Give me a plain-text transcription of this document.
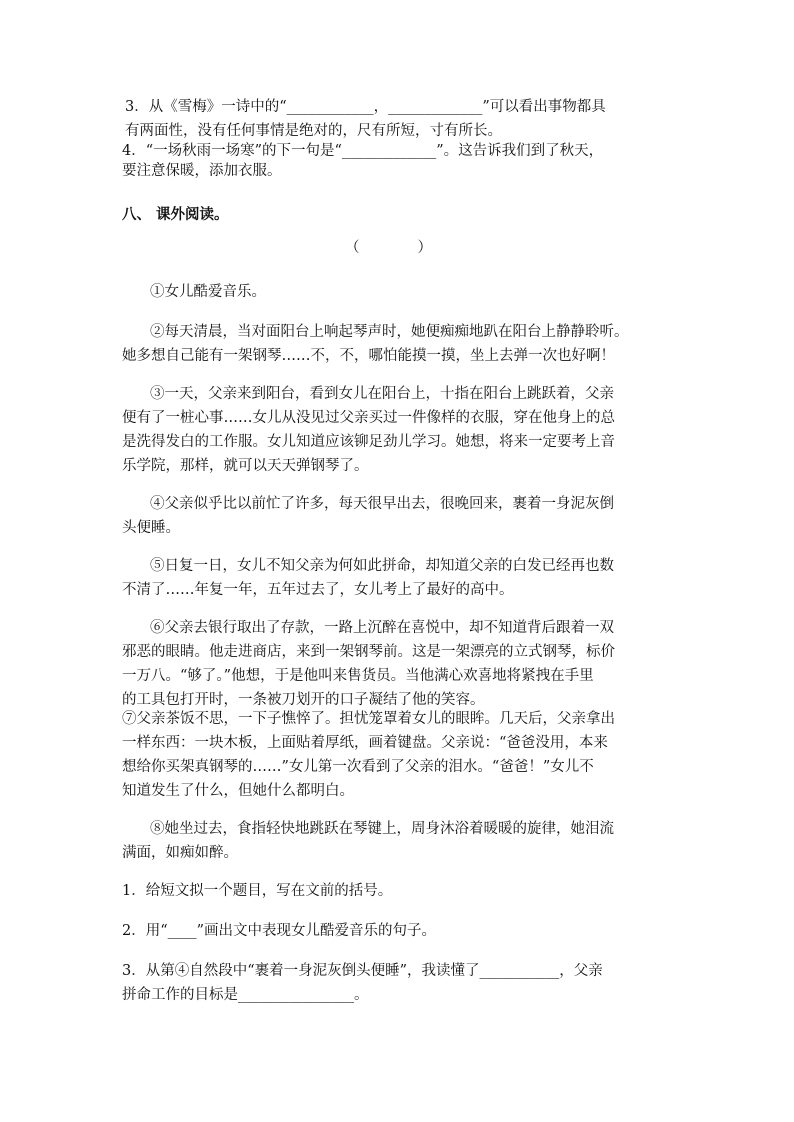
3．从《雪梅》一诗中的“____________，_____________”可以看出事物都具
有两面性，没有任何事情是绝对的，尺有所短，寸有所长。
4．“一场秋雨一场寒”的下一句是“_____________”。这告诉我们到了秋天，
要注意保暖，添加衣服。
八、 课外阅读。
（　　　　）
①女儿酷爱音乐。
②每天清晨，当对面阳台上响起琴声时，她便痴痴地趴在阳台上静静聆听。
她多想自己能有一架钢琴……不，不，哪怕能摸一摸，坐上去弹一次也好啊！
③一天，父亲来到阳台，看到女儿在阳台上，十指在阳台上跳跃着，父亲
便有了一桩心事……女儿从没见过父亲买过一件像样的衣服，穿在他身上的总
是洗得发白的工作服。女儿知道应该铆足劲儿学习。她想，将来一定要考上音
乐学院，那样，就可以天天弹钢琴了。
④父亲似乎比以前忙了许多，每天很早出去，很晚回来，裹着一身泥灰倒
头便睡。
⑤日复一日，女儿不知父亲为何如此拼命，却知道父亲的白发已经再也数
不清了……年复一年，五年过去了，女儿考上了最好的高中。
⑥父亲去银行取出了存款，一路上沉醉在喜悦中，却不知道背后跟着一双
邪恶的眼睛。他走进商店，来到一架钢琴前。这是一架漂亮的立式钢琴，标价
一万八。“够了。”他想，于是他叫来售货员。当他满心欢喜地将紧拽在手里
的工具包打开时，一条被刀划开的口子凝结了他的笑容。
⑦父亲茶饭不思，一下子憔悴了。担忧笼罩着女儿的眼眸。几天后，父亲拿出
一样东西：一块木板，上面贴着厚纸，画着键盘。父亲说：“爸爸没用，本来
想给你买架真钢琴的……”女儿第一次看到了父亲的泪水。“爸爸！”女儿不
知道发生了什么，但她什么都明白。
⑧她坐过去，食指轻快地跳跃在琴键上，周身沐浴着暖暖的旋律，她泪流
满面，如痴如醉。
1．给短文拟一个题目，写在文前的括号。
2．用“____”画出文中表现女儿酷爱音乐的句子。
3．从第④自然段中“裹着一身泥灰倒头便睡”，我读懂了___________，父亲
拼命工作的目标是________________。
